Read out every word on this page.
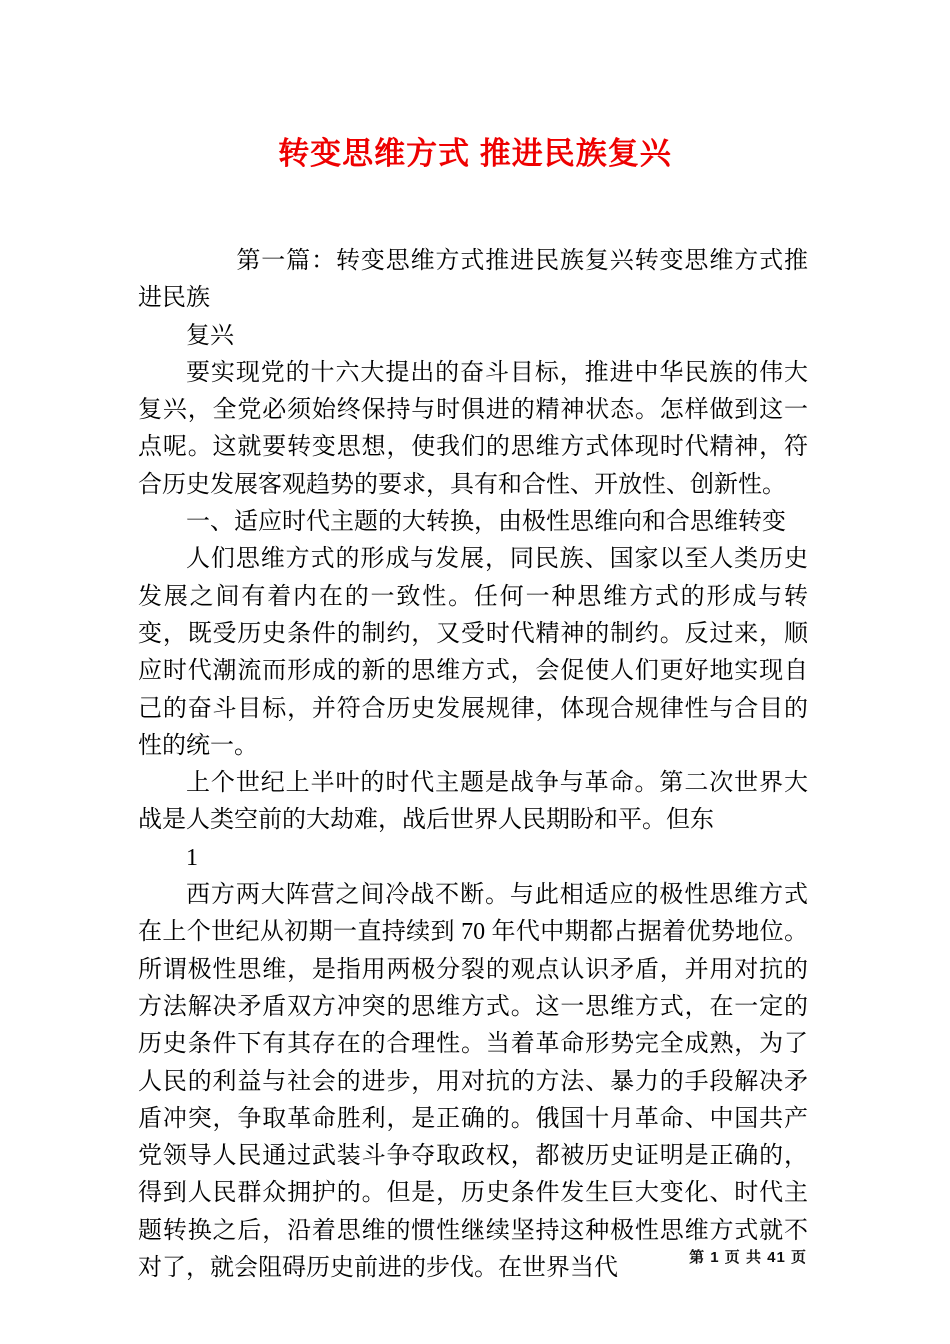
转变思维方式 推进民族复兴

第一篇：转变思维方式推进民族复兴转变思维方式推进民族

复兴

要实现党的十六大提出的奋斗目标，推进中华民族的伟大复兴，全党必须始终保持与时俱进的精神状态。怎样做到这一点呢。这就要转变思想，使我们的思维方式体现时代精神，符合历史发展客观趋势的要求，具有和合性、开放性、创新性。

一、适应时代主题的大转换，由极性思维向和合思维转变

人们思维方式的形成与发展，同民族、国家以至人类历史发展之间有着内在的一致性。任何一种思维方式的形成与转变，既受历史条件的制约，又受时代精神的制约。反过来，顺应时代潮流而形成的新的思维方式，会促使人们更好地实现自己的奋斗目标，并符合历史发展规律，体现合规律性与合目的性的统一。

上个世纪上半叶的时代主题是战争与革命。第二次世界大战是人类空前的大劫难，战后世界人民期盼和平。但东

1

西方两大阵营之间冷战不断。与此相适应的极性思维方式在上个世纪从初期一直持续到 70 年代中期都占据着优势地位。所谓极性思维，是指用两极分裂的观点认识矛盾，并用对抗的方法解决矛盾双方冲突的思维方式。这一思维方式，在一定的历史条件下有其存在的合理性。当着革命形势完全成熟，为了人民的利益与社会的进步，用对抗的方法、暴力的手段解决矛盾冲突，争取革命胜利，是正确的。俄国十月革命、中国共产党领导人民通过武装斗争夺取政权，都被历史证明是正确的，得到人民群众拥护的。但是，历史条件发生巨大变化、时代主题转换之后，沿着思维的惯性继续坚持这种极性思维方式就不对了，就会阻碍历史前进的步伐。在世界当代	第 1 页 共 41 页
